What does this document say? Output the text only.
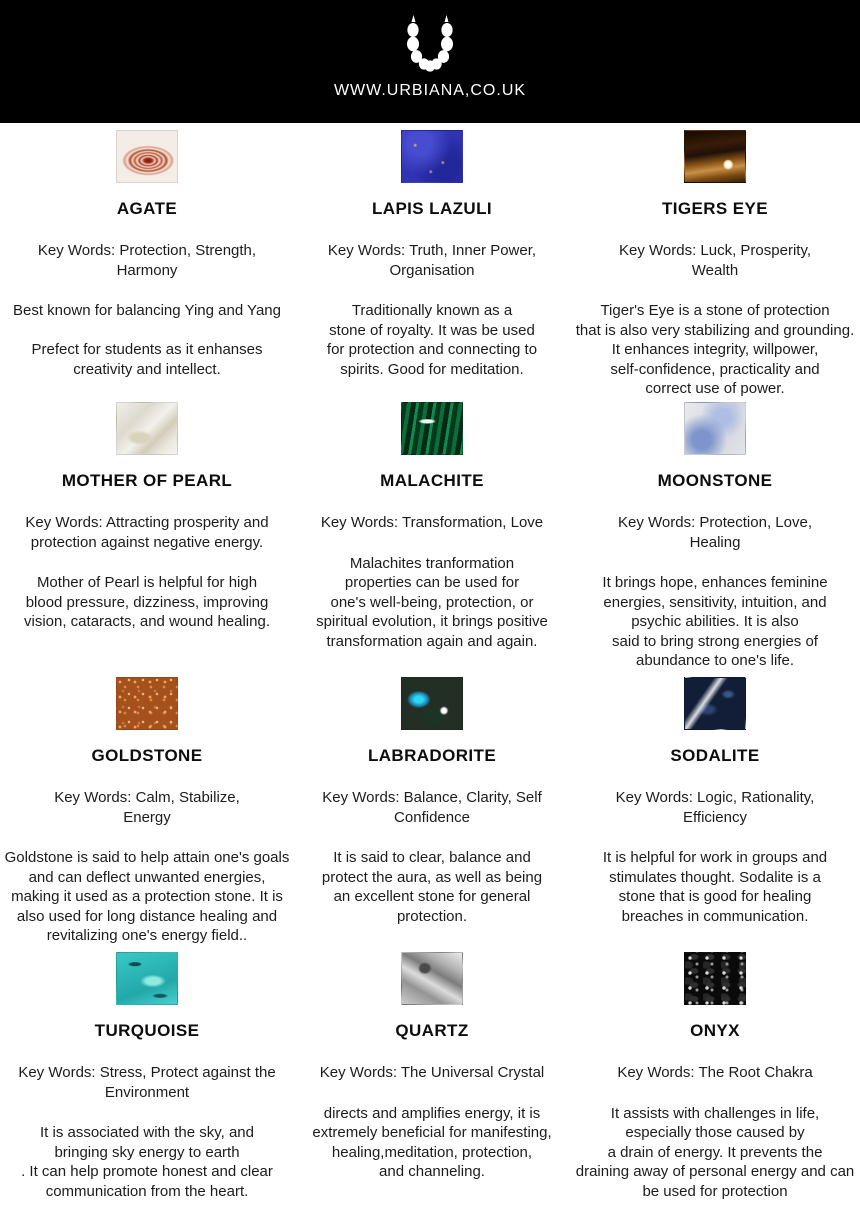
WWW.URBIANA,CO.UK
AGATE

Key Words: Protection, Strength,
Harmony

Best known for balancing Ying and Yang

Prefect for students as it enhanses
creativity and intellect.

LAPIS LAZULI

Key Words: Truth, Inner Power,
Organisation

Traditionally known as a
stone of royalty. It was be used
for protection and connecting to
spirits. Good for meditation.

TIGERS EYE

Key Words: Luck, Prosperity,
Wealth

Tiger's Eye is a stone of protection
that is also very stabilizing and grounding.
It enhances integrity, willpower,
self-confidence, practicality and
correct use of power.

MOTHER OF PEARL

Key Words: Attracting prosperity and
protection against negative energy.

Mother of Pearl is helpful for high
blood pressure, dizziness, improving
vision, cataracts, and wound healing.

MALACHITE

Key Words: Transformation, Love

Malachites tranformation
properties can be used for
one's well-being, protection, or
spiritual evolution, it brings positive
transformation again and again.

MOONSTONE

Key Words: Protection, Love,
Healing

It brings hope, enhances feminine
energies, sensitivity, intuition, and
psychic abilities. It is also
said to bring strong energies of
abundance to one's life.

GOLDSTONE

Key Words: Calm, Stabilize,
Energy

Goldstone is said to help attain one's goals
and can deflect unwanted energies,
making it used as a protection stone. It is
also used for long distance healing and
revitalizing one's energy field..

LABRADORITE

Key Words: Balance, Clarity, Self
Confidence

It is said to clear, balance and
protect the aura, as well as being
an excellent stone for general
protection.

SODALITE

Key Words: Logic, Rationality,
Efficiency

It is helpful for work in groups and
stimulates thought. Sodalite is a
stone that is good for healing
breaches in communication.

TURQUOISE

Key Words: Stress, Protect against the
Environment

It is associated with the sky, and
bringing sky energy to earth
. It can help promote honest and clear
communication from the heart.

QUARTZ

Key Words: The Universal Crystal

directs and amplifies energy, it is
extremely beneficial for manifesting,
healing,meditation, protection,
and channeling.

ONYX

Key Words: The Root Chakra

It assists with challenges in life,
especially those caused by
a drain of energy. It prevents the
draining away of personal energy and can
be used for protection
